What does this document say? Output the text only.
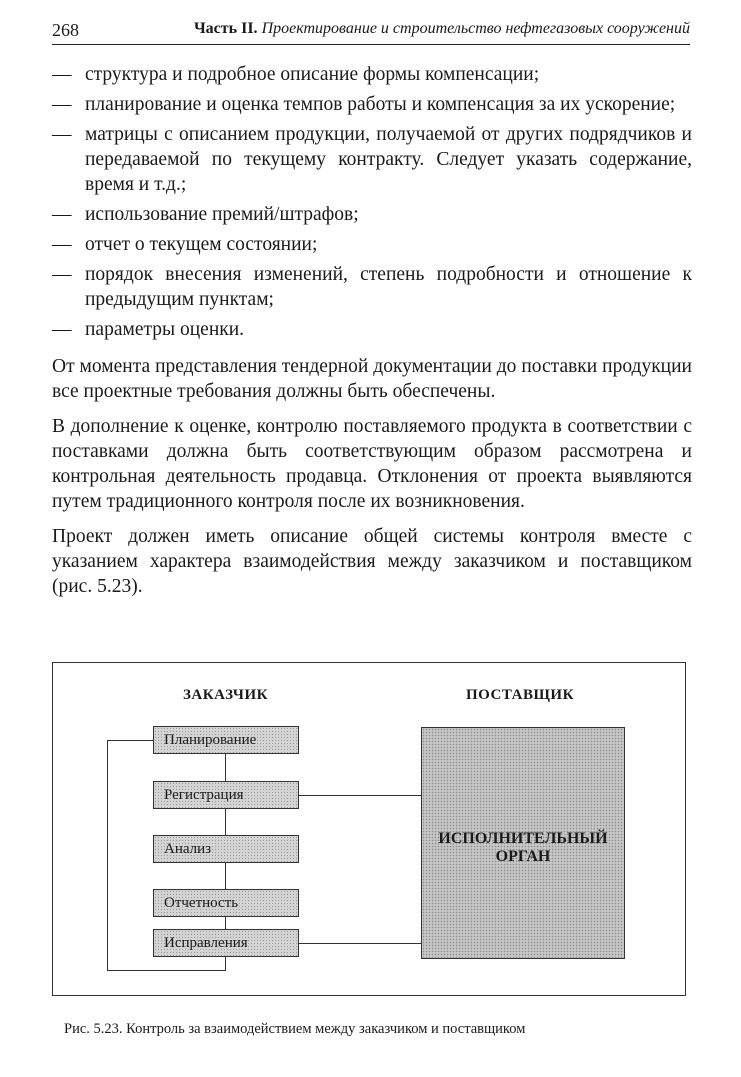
268	Часть II. Проектирование и строительство нефтегазовых сооружений
— структура и подробное описание формы компенсации;
— планирование и оценка темпов работы и компенсация за их ускорение;
— матрицы с описанием продукции, получаемой от других подрядчиков и передаваемой по текущему контракту. Следует указать содержание, время и т.д.;
— использование премий/штрафов;
— отчет о текущем состоянии;
— порядок внесения изменений, степень подробности и отношение к предыдущим пунктам;
— параметры оценки.

От момента представления тендерной документации до поставки продукции все проектные требования должны быть обеспечены.

В дополнение к оценке, контролю поставляемого продукта в соответствии с поставками должна быть соответствующим образом рассмотрена и контрольная деятельность продавца. Отклонения от проекта выявляются путем традиционного контроля после их возникновения.

Проект должен иметь описание общей системы контроля вместе с указанием характера взаимодействия между заказчиком и поставщиком (рис. 5.23).

ЗАКАЗЧИК	ПОСТАВЩИК
Планирование
Регистрация
Анализ
Отчетность
Исправления
ИСПОЛНИТЕЛЬНЫЙ
ОРГАН
Рис. 5.23. Контроль за взаимодействием между заказчиком и поставщиком
